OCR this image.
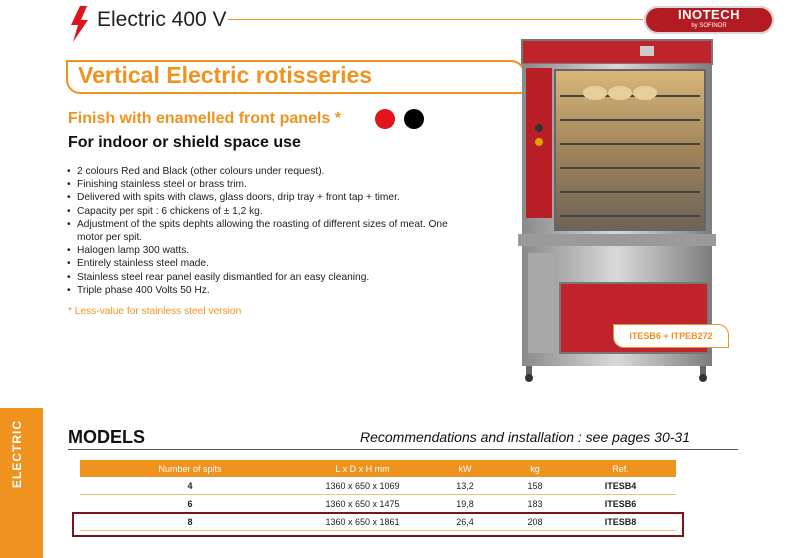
ELECTRIC
Electric 400 V	INOTECH
by SOFINOR
Vertical Electric rotisseries
Finish with enamelled front panels *
For indoor or shield space use
• 2 colours Red and Black (other colours under request).
• Finishing stainless steel or brass trim.
• Delivered with spits with claws, glass doors, drip tray + front tap + timer.
• Capacity per spit : 6 chickens of ± 1,2 kg.
• Adjustment of the spits dephts allowing the roasting of different sizes of meat. One motor per spit.
• Halogen lamp 300 watts.
• Entirely stainless steel made.
• Stainless steel rear panel easily dismantled for an easy cleaning.
• Triple phase 400 Volts 50 Hz.
* Less-value for stainless steel version
ITESB6 + ITPEB272
MODELS	Recommendations and installation : see pages 30-31
Number of spits	L x D x H mm	kW	kg	Ref.
4	1360 x 650 x 1069	13,2	158	ITESB4
6	1360 x 650 x 1475	19,8	183	ITESB6
8	1360 x 650 x 1861	26,4	208	ITESB8
